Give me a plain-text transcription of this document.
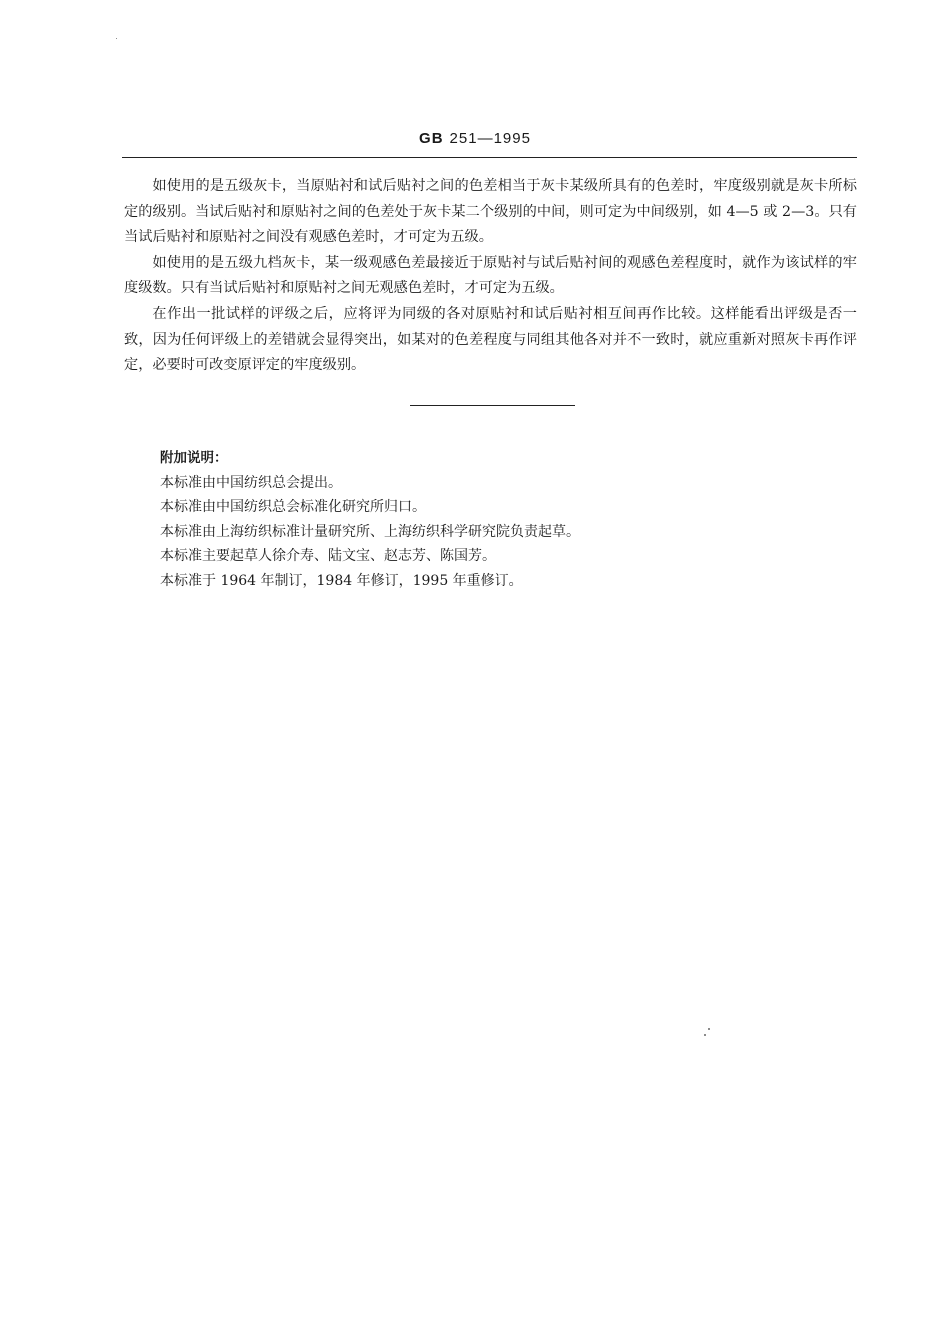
GB 251—1995

如使用的是五级灰卡，当原贴衬和试后贴衬之间的色差相当于灰卡某级所具有的色差时，牢度级别就是灰卡所标定的级别。当试后贴衬和原贴衬之间的色差处于灰卡某二个级别的中间，则可定为中间级别，如 4—5 或 2—3。只有当试后贴衬和原贴衬之间没有观感色差时，才可定为五级。

如使用的是五级九档灰卡，某一级观感色差最接近于原贴衬与试后贴衬间的观感色差程度时，就作为该试样的牢度级数。只有当试后贴衬和原贴衬之间无观感色差时，才可定为五级。

在作出一批试样的评级之后，应将评为同级的各对原贴衬和试后贴衬相互间再作比较。这样能看出评级是否一致，因为任何评级上的差错就会显得突出，如某对的色差程度与同组其他各对并不一致时，就应重新对照灰卡再作评定，必要时可改变原评定的牢度级别。

附加说明：
本标准由中国纺织总会提出。
本标准由中国纺织总会标准化研究所归口。
本标准由上海纺织标准计量研究所、上海纺织科学研究院负责起草。
本标准主要起草人徐介寿、陆文宝、赵志芳、陈国芳。
本标准于 1964 年制订，1984 年修订，1995 年重修订。
